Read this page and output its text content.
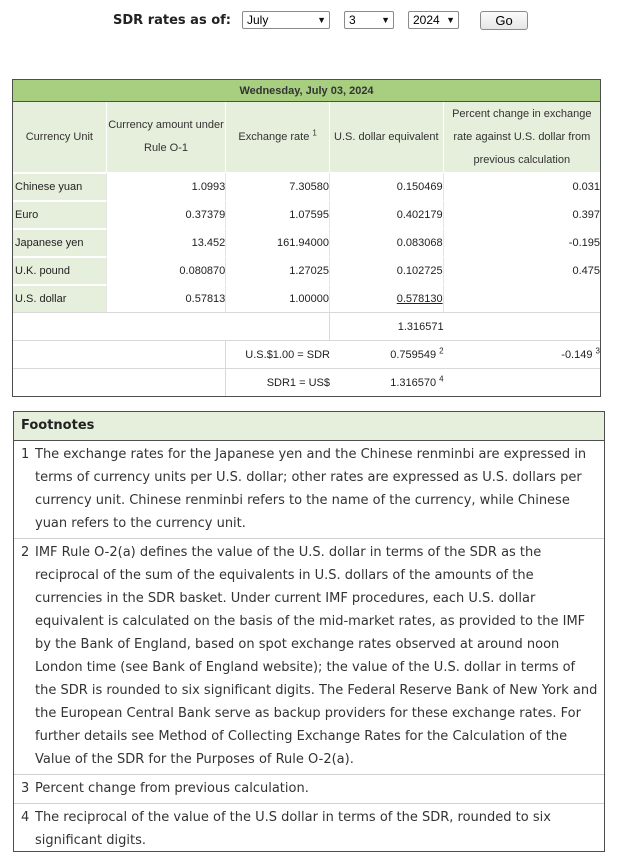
SDR rates as of: July	▼ 3	▼ 2024 ▼	Go
Wednesday, July 03, 2024				
Currency Unit	Currency amount under Rule O-1	Exchange rate $^1$	U.S. dollar equivalent	Percent change in exchange rate against U.S. dollar from previous calculation
Chinese yuan	1.0993	7.30580	0.150469	0.031
Euro	0.37379	1.07595	0.402179	0.397
Japanese yen	13.452	161.94000	0.083068	-0.195
U.K. pound	0.080870	1.27025	0.102725	0.475
U.S. dollar	0.57813	1.00000	0.578130	
			1.316571	
		U.S.$1.00 = SDR	0.759549 $^2$	-0.149 $^3$
		SDR1 = US$	1.316570 $^4$	
Footnotes
1 The exchange rates for the Japanese yen and the Chinese renminbi are expressed in terms of currency units per U.S. dollar; other rates are expressed as U.S. dollars per currency unit. Chinese renminbi refers to the name of the currency, while Chinese yuan refers to the currency unit.
2 IMF Rule O-2(a) defines the value of the U.S. dollar in terms of the SDR as the reciprocal of the sum of the equivalents in U.S. dollars of the amounts of the currencies in the SDR basket. Under current IMF procedures, each U.S. dollar equivalent is calculated on the basis of the mid-market rates, as provided to the IMF by the Bank of England, based on spot exchange rates observed at around noon London time (see Bank of England website); the value of the U.S. dollar in terms of the SDR is rounded to six significant digits. The Federal Reserve Bank of New York and the European Central Bank serve as backup providers for these exchange rates. For further details see Method of Collecting Exchange Rates for the Calculation of the Value of the SDR for the Purposes of Rule O-2(a).
3 Percent change from previous calculation.
4 The reciprocal of the value of the U.S dollar in terms of the SDR, rounded to six significant digits.
